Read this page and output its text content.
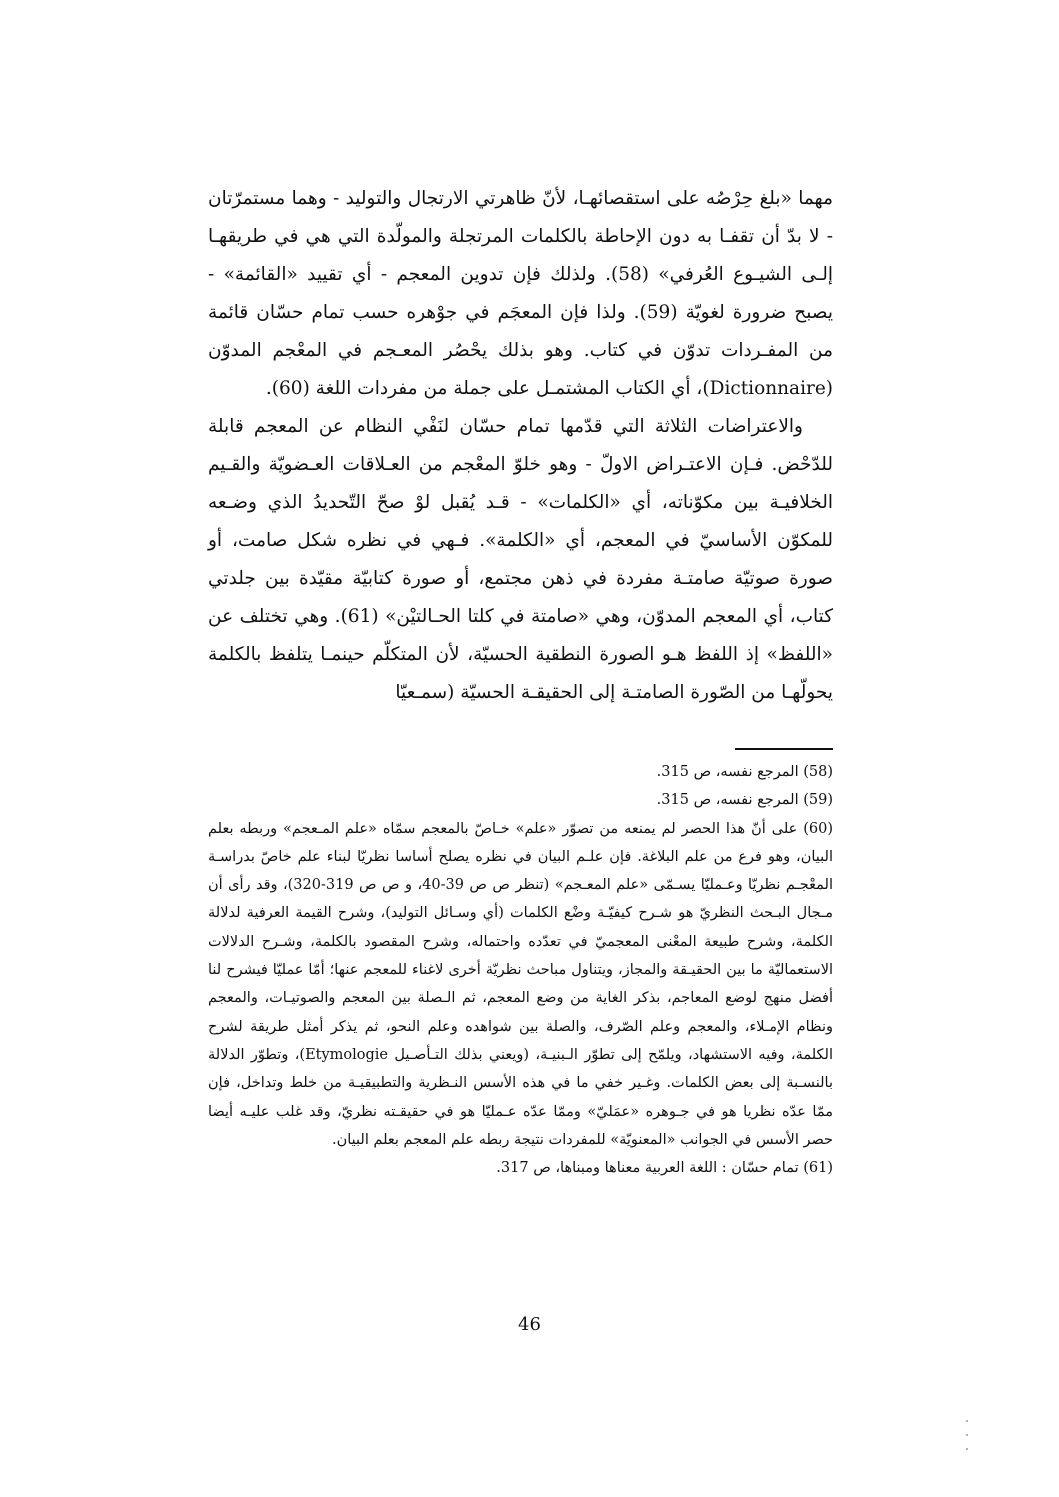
مهما «بلغ حِرْصُه على استقصائهـا، لأنّ ظاهرتي الارتجال والتوليد - وهما مستمرّتان - لا بدّ أن تقفـا به دون الإحاطة بالكلمات المرتجلة والمولّدة التي هي في طريقهـا إلـى الشيـوع العُرفي» (58). ولذلك فإن تدوين المعجم - أي تقييد «القائمة» - يصبح ضرورة لغويّة (59). ولذا فإن المعجَم في جوْهره حسب تمام حسّان قائمة من المفـردات تدوّن في كتاب. وهو بذلك يحْصُر المعـجم في المعْجم المدوّن (Dictionnaire)، أي الكتاب المشتمـل على جملة من مفردات اللغة (60).

والاعتراضات الثلاثة التي قدّمها تمام حسّان لنَفْي النظام عن المعجم قابلة للدّحْض. فـإن الاعتـراض الاولّ - وهو خلوّ المعْجم من العـلاقات العـضويّة والقـيم الخلافيـة بين مكوّناته، أي «الكلمات» - قـد يُقبل لوْ صحّ التّحديدُ الذي وضـعه للمكوّن الأساسيّ في المعجم، أي «الكلمة». فـهي في نظره شكل صامت، أو صورة صوتيّة صامتـة مفردة في ذهن مجتمع، أو صورة كتابيّة مقيّدة بين جلدتي كتاب، أي المعجم المدوّن، وهي «صامتة في كلتا الحـالتيْن» (61). وهي تختلف عن «اللفظ» إذ اللفظ هـو الصورة النطقية الحسيّة، لأن المتكلّم حينمـا يتلفظ بالكلمة يحولّهـا من الصّورة الصامتـة إلى الحقيقـة الحسيّة (سمـعيّا

(58) المرجع نفسه، ص 315.

(59) المرجع نفسه، ص 315.

(60) على أنّ هذا الحصر لم يمنعه من تصوّر «علم» خـاصّ بالمعجم سمّاه «علم المـعجم» وربطه بعلم البيان، وهو فرع من علم البلاغة. فإن علـم البيان في نظره يصلح أساسا نظريّا لبناء علم خاصّ بدراسـة المعْجـم نظريّا وعـمليّا يسـمّى «علم المعـجم» (تنظر ص ص 39-40، و ص ص 319-320)، وقد رأى أن مـجال البـحث النظريّ هو شـرح كيفيّـة وضْع الكلمات (أي وسـائل التوليد)، وشرح القيمة العرفية لدلالة الكلمة، وشرح طبيعة المعْنى المعجميّ في تعدّده واحتماله، وشرح المقصود بالكلمة، وشـرح الدلالات الاستعماليّة ما بين الحقيـقة والمجاز، ويتناول مباحث نظريّة أخرى لاغناء للمعجم عنها؛ أمّا عمليّا فيشرح لنا أفضل منهج لوضع المعاجم، بذكر الغاية من وضع المعجم، ثم الـصلة بين المعجم والصوتيـات، والمعجم ونظام الإمـلاء، والمعجم وعلم الصّرف، والصلة بين شواهده وعلم النحو، ثم يذكر أمثل طريقة لشرح الكلمة، وفيه الاستشهاد، ويلمّح إلى تطوّر الـبنيـة، (ويعني بذلك التـأصـيل Etymologie)، وتطوّر الدلالة بالنسـبة إلى بعض الكلمات. وغـير خفي ما في هذه الأسس النـظرية والتطبيقيـة من خلط وتداخل، فإن ممّا عدّه نظريا هو في جـوهره «عمَليّ» وممّا عدّه عـمليّا هو في حقيقـته نظريّ، وقد غلب عليـه أيضا حصر الأسس في الجوانب «المعنويّة» للمفردات نتيجة ربطه علم المعجم بعلم البيان.

(61) تمام حسّان : اللغة العربية معناها ومبناها، ص 317.

46
